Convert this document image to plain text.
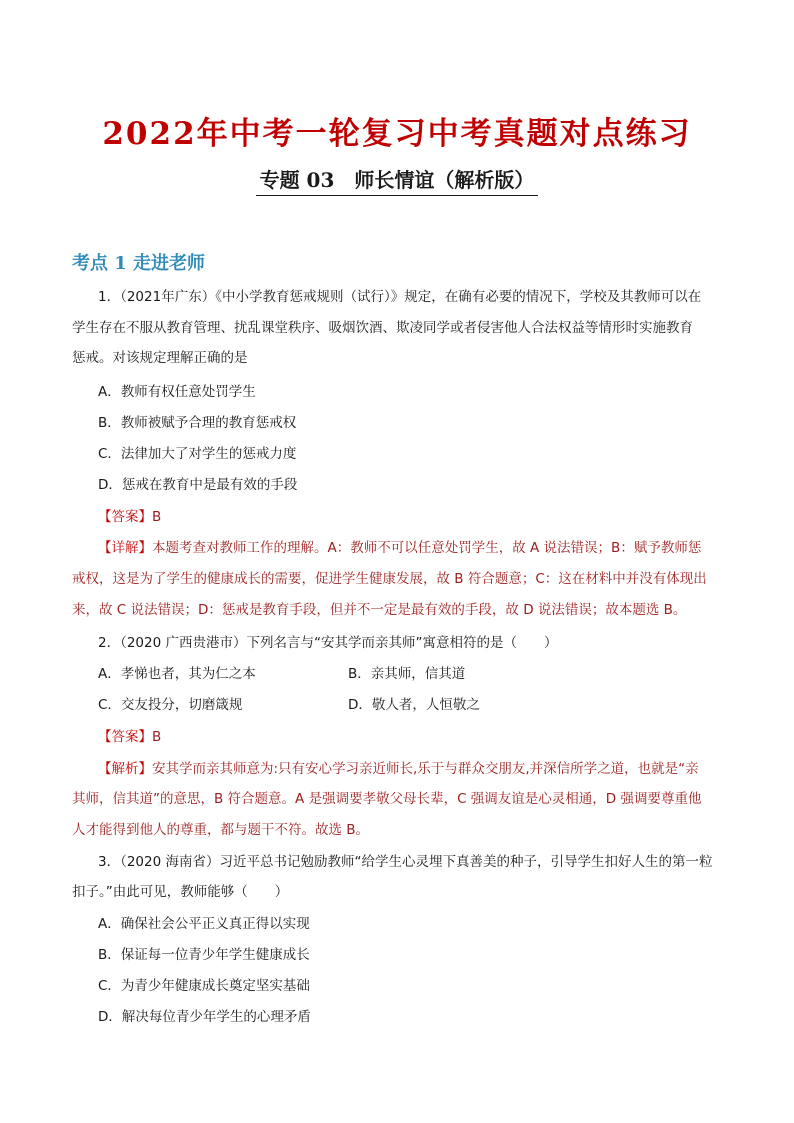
2022年中考一轮复习中考真题对点练习
专题 03　师长情谊（解析版）
考点 1 走进老师
1．（2021年广东）《中小学教育惩戒规则（试行）》规定，在确有必要的情况下，学校及其教师可以在
学生存在不服从教育管理、扰乱课堂秩序、吸烟饮酒、欺凌同学或者侵害他人合法权益等情形时实施教育
惩戒。对该规定理解正确的是
A．教师有权任意处罚学生
B．教师被赋予合理的教育惩戒权
C．法律加大了对学生的惩戒力度
D．惩戒在教育中是最有效的手段
【答案】B
【详解】本题考查对教师工作的理解。A：教师不可以任意处罚学生，故 A 说法错误；B：赋予教师惩
戒权，这是为了学生的健康成长的需要，促进学生健康发展，故 B 符合题意；C：这在材料中并没有体现出
来，故 C 说法错误；D：惩戒是教育手段，但并不一定是最有效的手段，故 D 说法错误；故本题选 B。
2．（2020 广西贵港市）下列名言与“安其学而亲其师”寓意相符的是（　　）
A．孝悌也者，其为仁之本	B．亲其师，信其道
C．交友投分，切磨箴规	D．敬人者，人恒敬之
【答案】B
【解析】安其学而亲其师意为:只有安心学习亲近师长,乐于与群众交朋友,并深信所学之道，也就是“亲
其师，信其道”的意思，B 符合题意。A 是强调要孝敬父母长辈，C 强调友谊是心灵相通，D 强调要尊重他
人才能得到他人的尊重，都与题干不符。故选 B。
3．（2020 海南省）习近平总书记勉励教师“给学生心灵埋下真善美的种子，引导学生扣好人生的第一粒
扣子。”由此可见，教师能够（　　）
A．确保社会公平正义真正得以实现
B．保证每一位青少年学生健康成长
C．为青少年健康成长奠定坚实基础
D．解决每位青少年学生的心理矛盾
